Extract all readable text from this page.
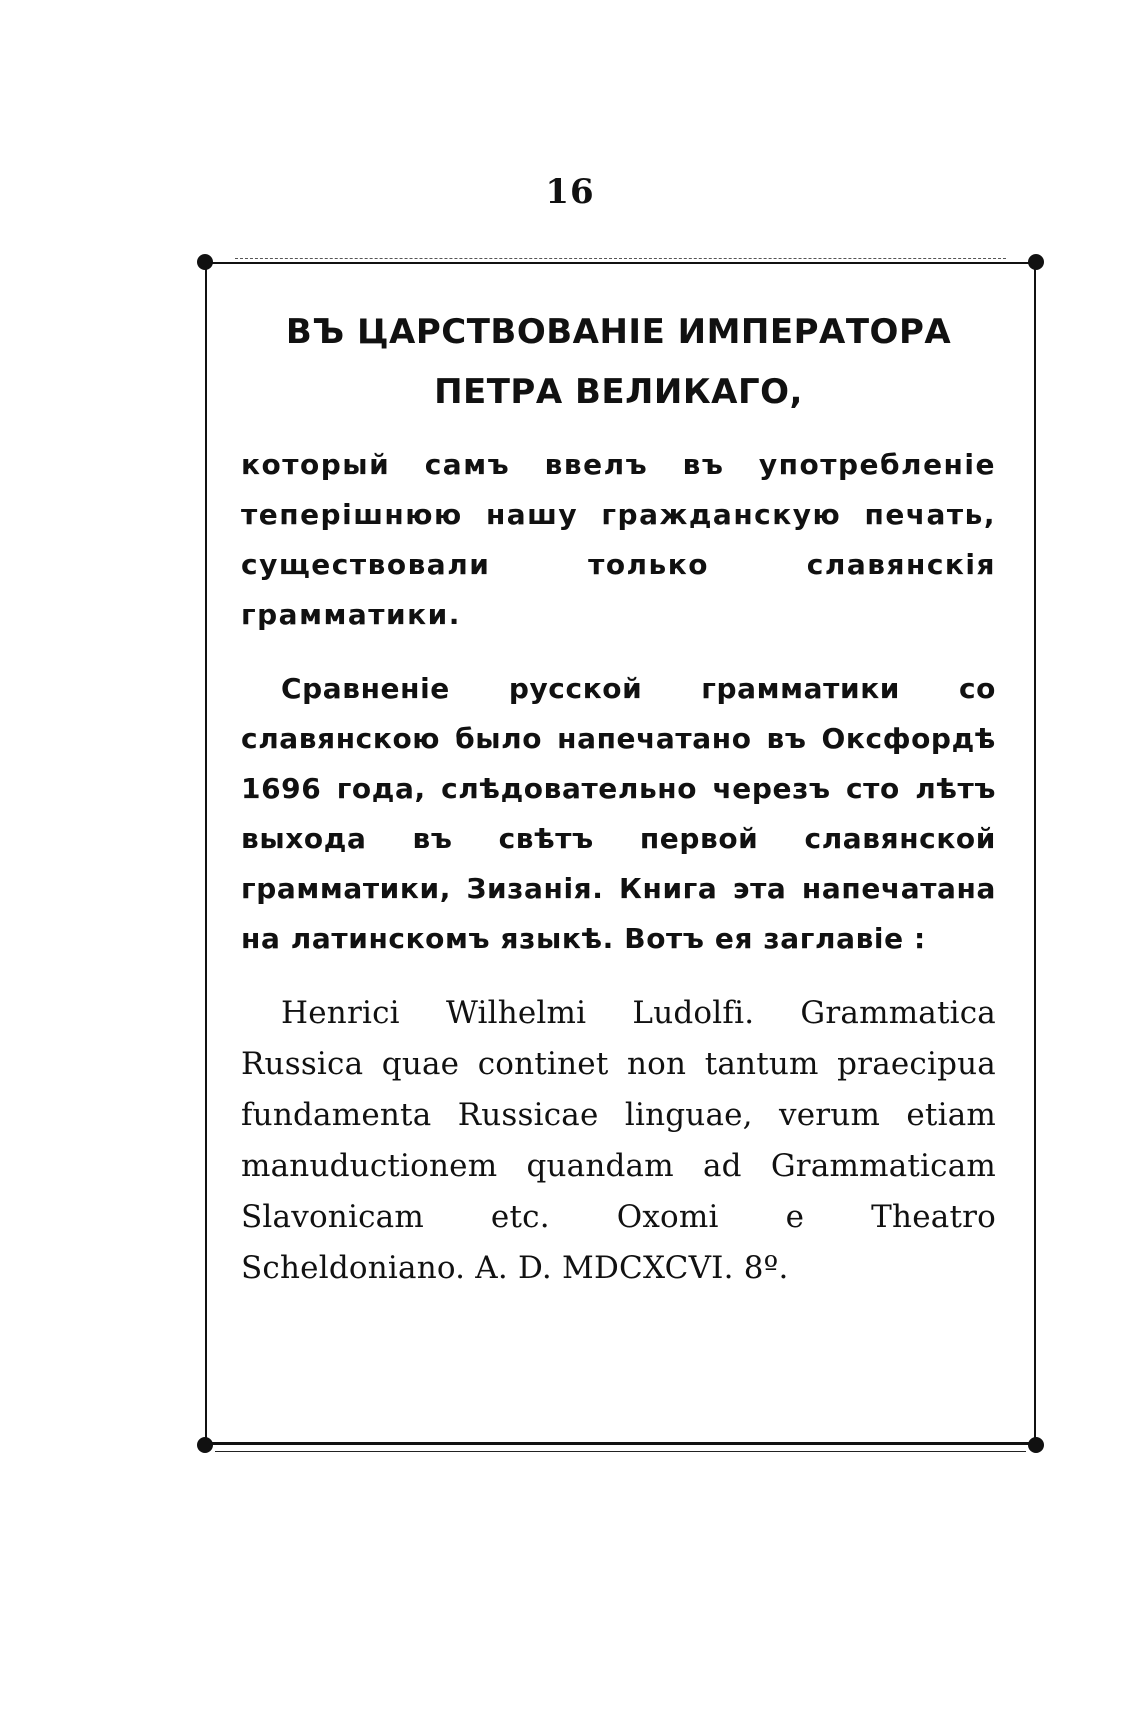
16
ВЪ ЦАРСТВОВАНІЕ ИМПЕРАТОРА
ПЕТРА ВЕЛИКАГО,

который самъ ввелъ въ употребленіе теперішнюю нашу гражданскую печать, существовали только славянскія грамматики.

Сравненіе русской грамматики со славянскою было напечатано въ Оксфордѣ 1696 года, слѣдовательно черезъ сто лѣтъ выхода въ свѣтъ первой славянской грамматики, Зизанія. Книга эта напечатана на латинскомъ языкѣ. Вотъ ея заглавіе :

Henrici Wilhelmi Ludolfi. Grammatica Russica quae continet non tantum praecipua fundamenta Russicae linguae, verum etiam manuductionem quandam ad Grammaticam Slavonicam etc. Oxomi e Theatro Scheldoniano. A. D. MDCXCVI. 8º.
